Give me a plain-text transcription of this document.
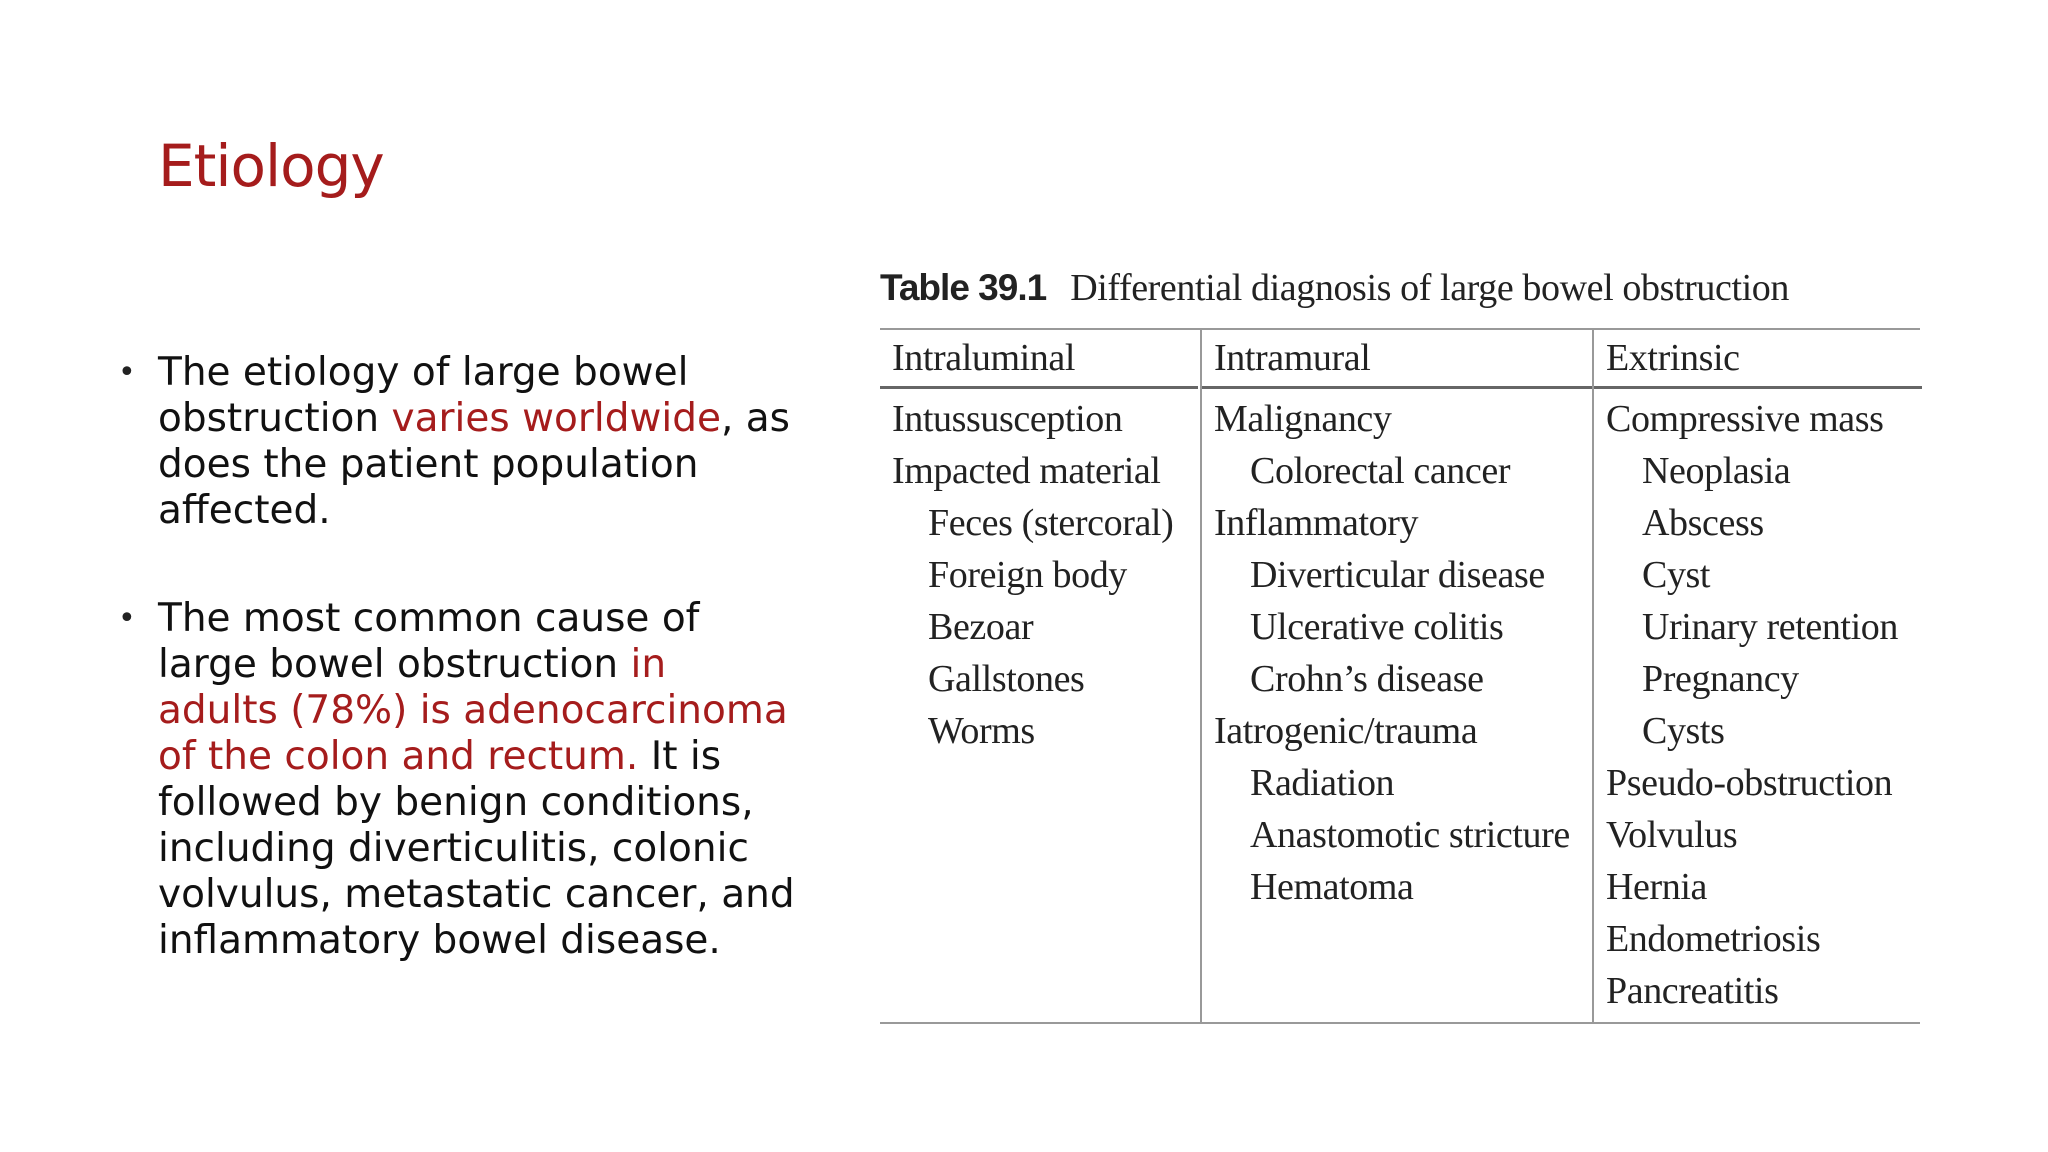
Etiology
• The etiology of large bowel obstruction varies worldwide, as does the patient population affected.
• The most common cause of large bowel obstruction in adults (78%) is adenocarcinoma of the colon and rectum. It is followed by benign conditions, including diverticulitis, colonic volvulus, metastatic cancer, and inflammatory bowel disease.
Table 39.1 Differential diagnosis of large bowel obstruction
Intraluminal
Intussusception
Impacted material
Feces (stercoral)
Foreign body
Bezoar
Gallstones
Worms
Intramural
Malignancy
Colorectal cancer
Inflammatory
Diverticular disease
Ulcerative colitis
Crohn’s disease
Iatrogenic/trauma
Radiation
Anastomotic stricture
Hematoma
Extrinsic
Compressive mass
Neoplasia
Abscess
Cyst
Urinary retention
Pregnancy
Cysts
Pseudo-obstruction
Volvulus
Hernia
Endometriosis
Pancreatitis
